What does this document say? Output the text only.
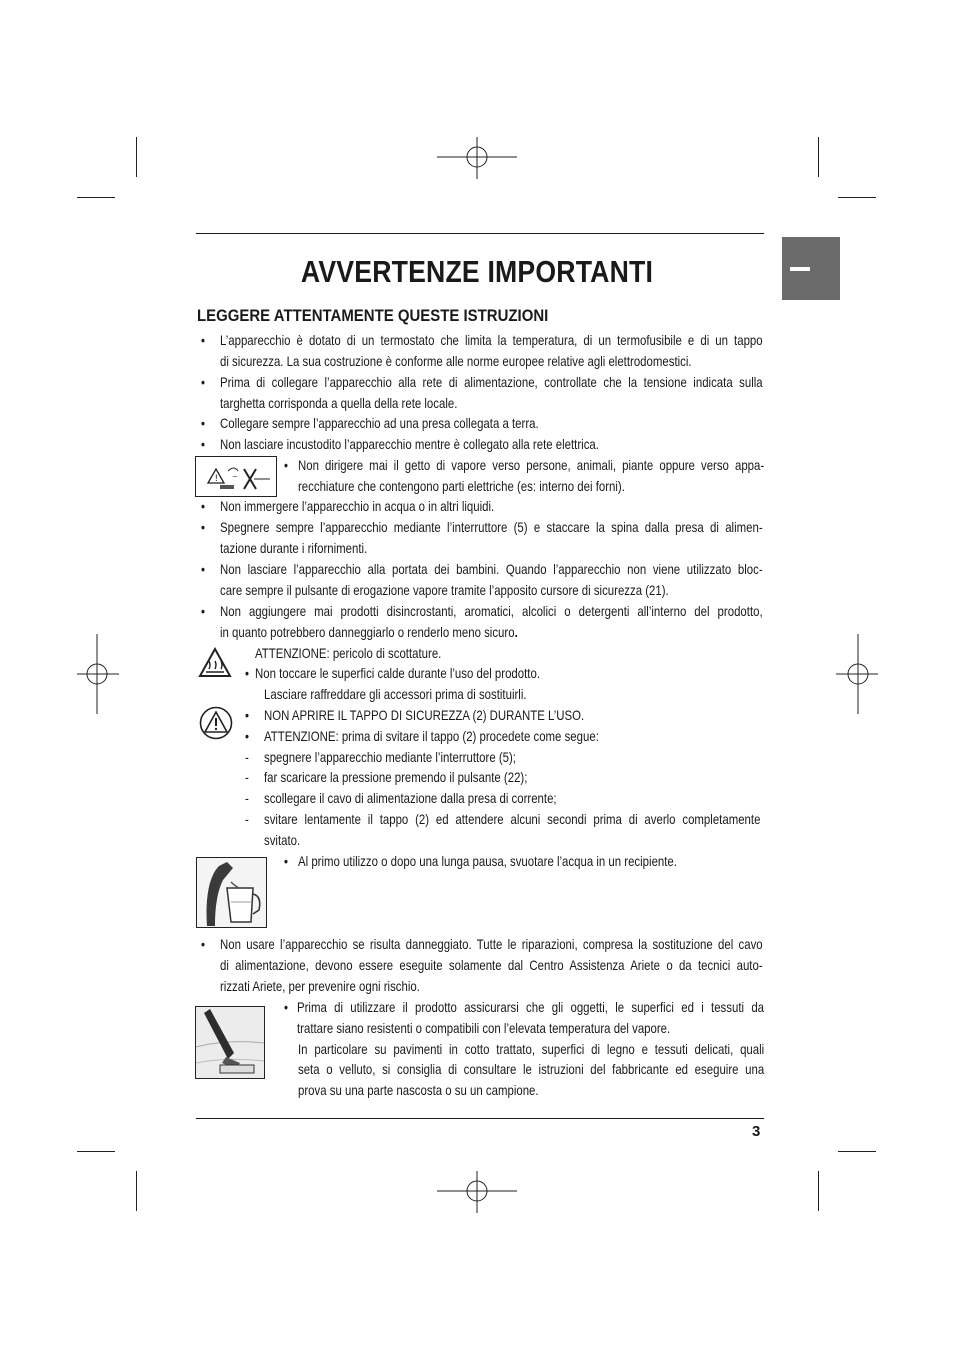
AVVERTENZE IMPORTANTI
LEGGERE ATTENTAMENTE QUESTE ISTRUZIONI
• L’apparecchio è dotato di un termostato che limita la temperatura, di un termofusibile e di un tappo
di sicurezza. La sua costruzione è conforme alle norme europee relative agli elettrodomestici.
• Prima di collegare l’apparecchio alla rete di alimentazione, controllate che la tensione indicata sulla
targhetta corrisponda a quella della rete locale.
• Collegare sempre l’apparecchio ad una presa collegata a terra.
• Non lasciare incustodito l’apparecchio mentre è collegato alla rete elettrica.
! ~
• Non dirigere mai il getto di vapore verso persone, animali, piante oppure verso appa-
recchiature che contengono parti elettriche (es: interno dei forni).
• Non immergere l’apparecchio in acqua o in altri liquidi.
• Spegnere sempre l’apparecchio mediante l’interruttore (5) e staccare la spina dalla presa di alimen-
tazione durante i rifornimenti.
• Non lasciare l’apparecchio alla portata dei bambini. Quando l’apparecchio non viene utilizzato bloc-
care sempre il pulsante di erogazione vapore tramite l’apposito cursore di sicurezza (21).
• Non aggiungere mai prodotti disincrostanti, aromatici, alcolici o detergenti all’interno del prodotto,
in quanto potrebbero danneggiarlo o renderlo meno sicuro.
ATTENZIONE: pericolo di scottature.
• Non toccare le superfici calde durante l’uso del prodotto.
Lasciare raffreddare gli accessori prima di sostituirli.
• NON APRIRE IL TAPPO DI SICUREZZA (2) DURANTE L’USO.
• ATTENZIONE: prima di svitare il tappo (2) procedete come segue:
- spegnere l’apparecchio mediante l’interruttore (5);
- far scaricare la pressione premendo il pulsante (22);
- scollegare il cavo di alimentazione dalla presa di corrente;
- svitare lentamente il tappo (2) ed attendere alcuni secondi prima di averlo completamente
svitato.
• Al primo utilizzo o dopo una lunga pausa, svuotare l’acqua in un recipiente.
• Non usare l’apparecchio se risulta danneggiato. Tutte le riparazioni, compresa la sostituzione del cavo
di alimentazione, devono essere eseguite solamente dal Centro Assistenza Ariete o da tecnici auto-
rizzati Ariete, per prevenire ogni rischio.
• Prima di utilizzare il prodotto assicurarsi che gli oggetti, le superfici ed i tessuti da
trattare siano resistenti o compatibili con l’elevata temperatura del vapore.
In particolare su pavimenti in cotto trattato, superfici di legno e tessuti delicati, quali
seta o velluto, si consiglia di consultare le istruzioni del fabbricante ed eseguire una
prova su una parte nascosta o su un campione.
3
